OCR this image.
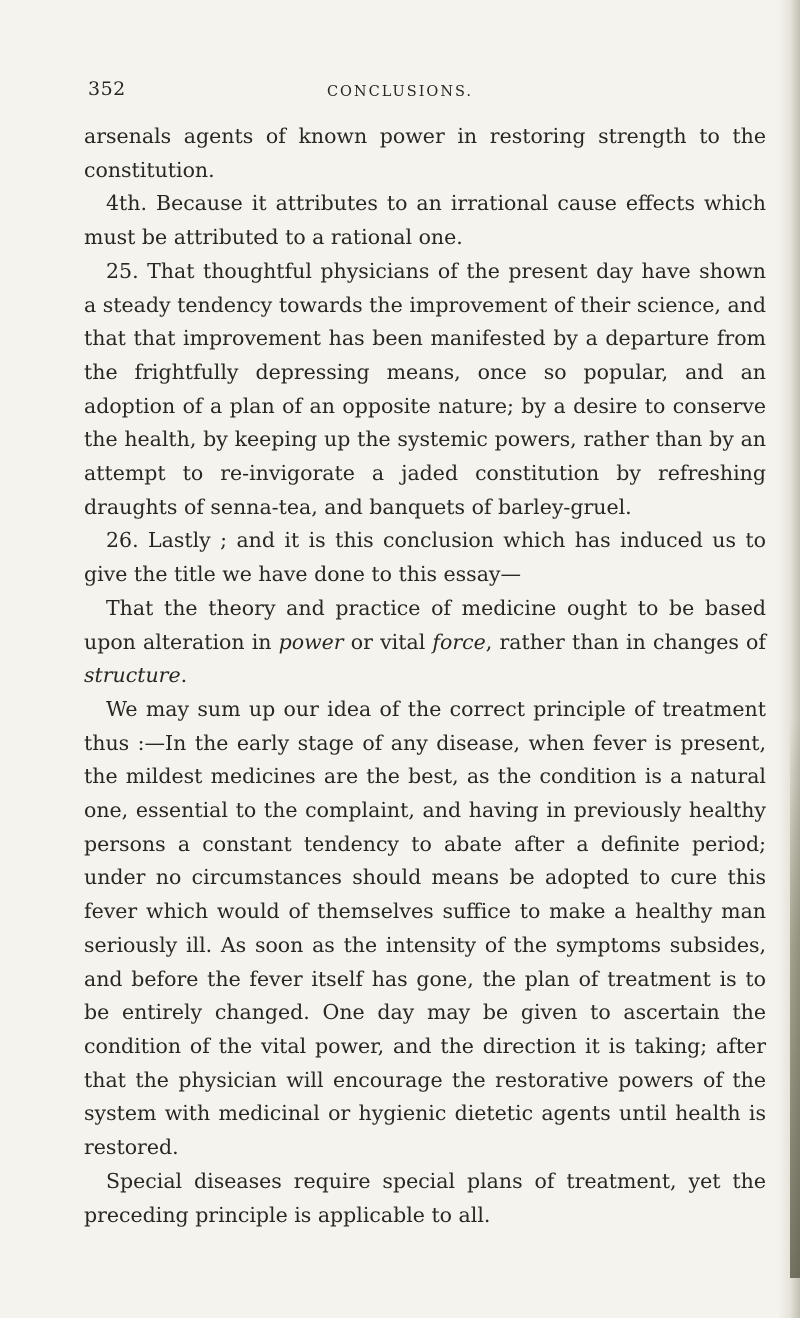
352	CONCLUSIONS.

arsenals agents of known power in restoring strength to the constitution.

4th. Because it attributes to an irrational cause effects which must be attributed to a rational one.

25. That thoughtful physicians of the present day have shown a steady tendency towards the improvement of their science, and that that improvement has been manifested by a departure from the frightfully depressing means, once so popular, and an adoption of a plan of an opposite nature; by a desire to conserve the health, by keeping up the systemic powers, rather than by an attempt to re-invigorate a jaded constitution by refreshing draughts of senna-tea, and banquets of barley-gruel.

26. Lastly ; and it is this conclusion which has induced us to give the title we have done to this essay—

That the theory and practice of medicine ought to be based upon alteration in power or vital force, rather than in changes of structure.

We may sum up our idea of the correct principle of treatment thus :—In the early stage of any disease, when fever is present, the mildest medicines are the best, as the condition is a natural one, essential to the complaint, and having in previously healthy persons a constant tendency to abate after a definite period; under no circumstances should means be adopted to cure this fever which would of themselves suffice to make a healthy man seriously ill. As soon as the intensity of the symptoms subsides, and before the fever itself has gone, the plan of treatment is to be entirely changed. One day may be given to ascertain the condition of the vital power, and the direction it is taking; after that the physician will encourage the restorative powers of the system with medicinal or hygienic dietetic agents until health is restored.

Special diseases require special plans of treatment, yet the preceding principle is applicable to all.
